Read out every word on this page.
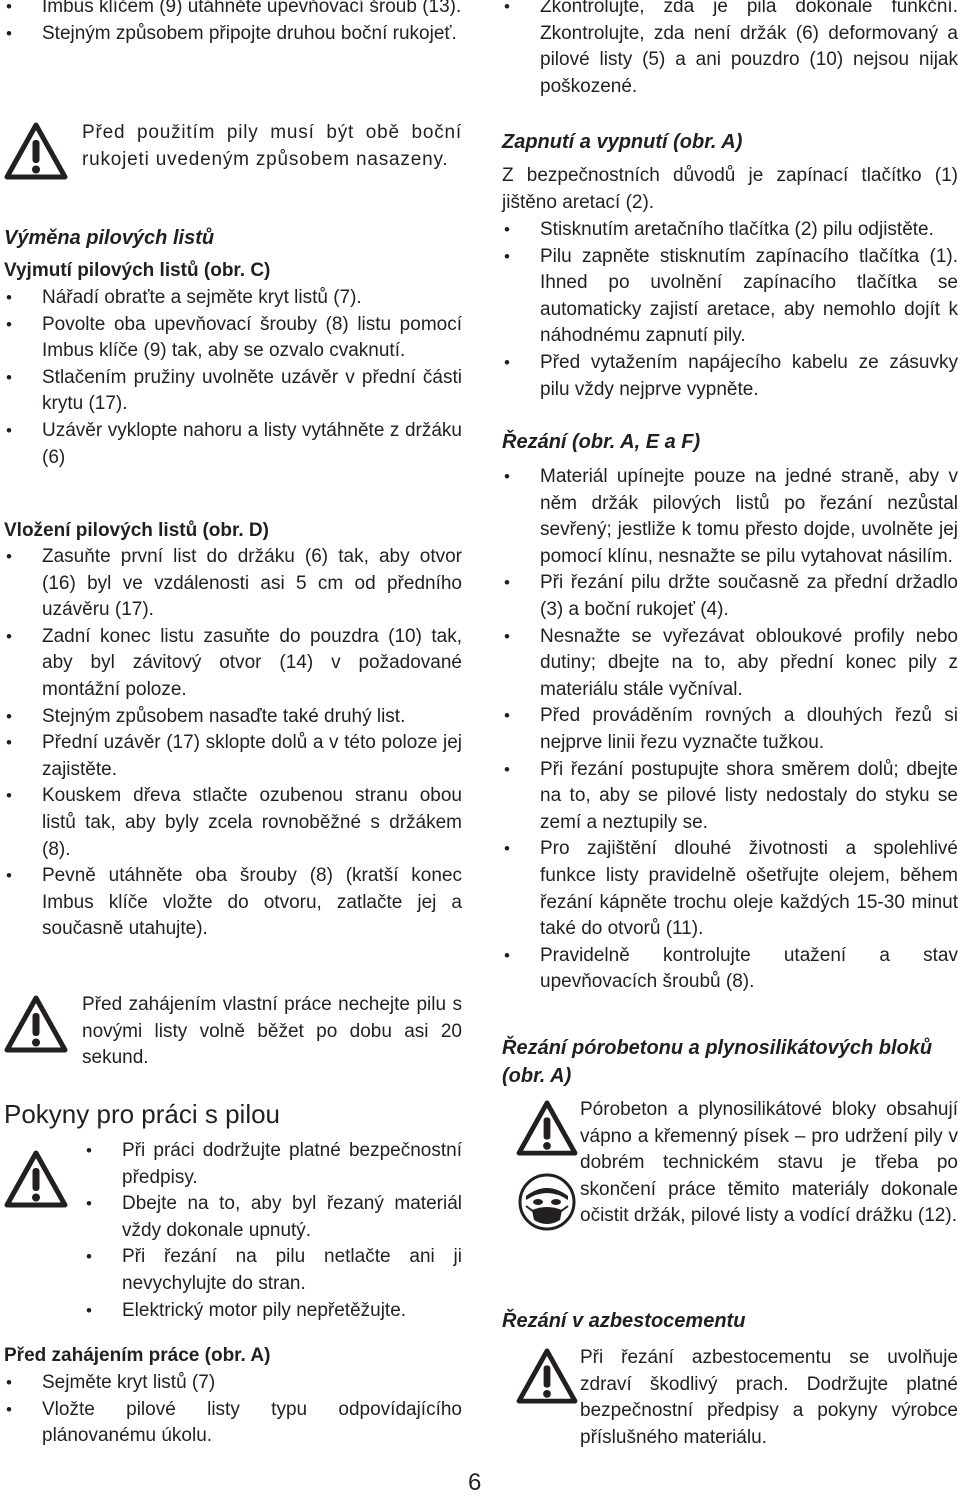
• Imbus klíčem (9) utáhněte upevňovací šroub (13).
• Stejným způsobem připojte druhou boční rukojeť.
Před použitím pily musí být obě boční rukojeti uvedeným způsobem nasazeny.
Výměna pilových listů
Vyjmutí pilových listů (obr. C)
• Nářadí obraťte a sejměte kryt listů (7).
• Povolte oba upevňovací šrouby (8) listu pomocí Imbus klíče (9) tak, aby se ozvalo cvaknutí.
• Stlačením pružiny uvolněte uzávěr v přední části krytu (17).
• Uzávěr vyklopte nahoru a listy vytáhněte z držáku (6)
Vložení pilových listů (obr. D)
• Zasuňte první list do držáku (6) tak, aby otvor (16) byl ve vzdálenosti asi 5 cm od předního uzávěru (17).
• Zadní konec listu zasuňte do pouzdra (10) tak, aby byl závitový otvor (14) v požadované montážní poloze.
• Stejným způsobem nasaďte také druhý list.
• Přední uzávěr (17) sklopte dolů a v této poloze jej zajistěte.
• Kouskem dřeva stlačte ozubenou stranu obou listů tak, aby byly zcela rovnoběžné s držákem (8).
• Pevně utáhněte oba šrouby (8) (kratší konec Imbus klíče vložte do otvoru, zatlačte jej a současně utahujte).
Před zahájením vlastní práce nechejte pilu s novými listy volně běžet po dobu asi 20 sekund.
Pokyny pro práci s pilou
• Při práci dodržujte platné bezpečnostní předpisy.
• Dbejte na to, aby byl řezaný materiál vždy dokonale upnutý.
• Při řezání na pilu netlačte ani ji nevychylujte do stran.
• Elektrický motor pily nepřetěžujte.
Před zahájením práce (obr. A)
• Sejměte kryt listů (7)
• Vložte pilové listy typu odpovídajícího plánovanému úkolu.
• Zkontrolujte, zda je pila dokonale funkční. Zkontrolujte, zda není držák (6) deformovaný a pilové listy (5) a ani pouzdro (10) nejsou nijak poškozené.
Zapnutí a vypnutí (obr. A)
Z bezpečnostních důvodů je zapínací tlačítko (1) jištěno aretací (2).
• Stisknutím aretačního tlačítka (2) pilu odjistěte.
• Pilu zapněte stisknutím zapínacího tlačítka (1). Ihned po uvolnění zapínacího tlačítka se automaticky zajistí aretace, aby nemohlo dojít k náhodnému zapnutí pily.
• Před vytažením napájecího kabelu ze zásuvky pilu vždy nejprve vypněte.
Řezání (obr. A, E a F)
• Materiál upínejte pouze na jedné straně, aby v něm držák pilových listů po řezání nezůstal sevřený; jestliže k tomu přesto dojde, uvolněte jej pomocí klínu, nesnažte se pilu vytahovat násilím.
• Při řezání pilu držte současně za přední držadlo (3) a boční rukojeť (4).
• Nesnažte se vyřezávat obloukové profily nebo dutiny; dbejte na to, aby přední konec pily z materiálu stále vyčníval.
• Před prováděním rovných a dlouhých řezů si nejprve linii řezu vyznačte tužkou.
• Při řezání postupujte shora směrem dolů; dbejte na to, aby se pilové listy nedostaly do styku se zemí a neztupily se.
• Pro zajištění dlouhé životnosti a spolehlivé funkce listy pravidelně ošetřujte olejem, během řezání kápněte trochu oleje každých 15-30 minut také do otvorů (11).
• Pravidelně kontrolujte utažení a stav upevňovacích šroubů (8).
Řezání pórobetonu a plynosilikátových bloků (obr. A)
Pórobeton a plynosilikátové bloky obsahují vápno a křemenný písek – pro udržení pily v dobrém technickém stavu je třeba po skončení práce těmito materiály dokonale očistit držák, pilové listy a vodící drážku (12).
Řezání v azbestocementu
Při řezání azbestocementu se uvolňuje zdraví škodlivý prach. Dodržujte platné bezpečnostní předpisy a pokyny výrobce příslušného materiálu.
6
